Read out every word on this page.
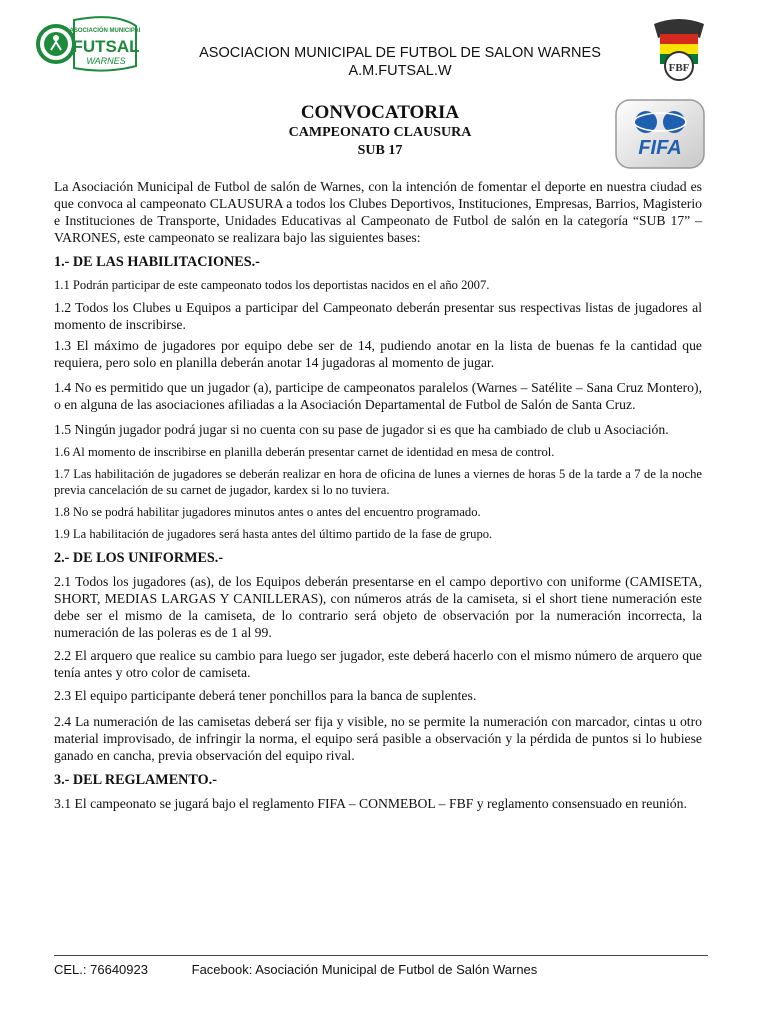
ASOCIACIÓN MUNICIPAL
FUTSAL
WARNES
FBF
ASOCIACION MUNICIPAL DE FUTBOL DE SALON WARNES
A.M.FUTSAL.W
CONVOCATORIA
CAMPEONATO CLAUSURA
SUB 17	FIFA

La Asociación Municipal de Futbol de salón de Warnes, con la intención de fomentar el deporte en nuestra ciudad es que convoca al campeonato CLAUSURA a todos los Clubes Deportivos, Instituciones, Empresas, Barrios, Magisterio e Instituciones de Transporte, Unidades Educativas al Campeonato de Futbol de salón en la categoría “SUB 17” – VARONES, este campeonato se realizara bajo las siguientes bases:

1.- DE LAS HABILITACIONES.-

1.1 Podrán participar de este campeonato todos los deportistas nacidos en el año 2007.

1.2 Todos los Clubes u Equipos a participar del Campeonato deberán presentar sus respectivas listas de jugadores al momento de inscribirse.

1.3 El máximo de jugadores por equipo debe ser de 14, pudiendo anotar en la lista de buenas fe la cantidad que requiera, pero solo en planilla deberán anotar 14 jugadoras al momento de jugar.

1.4 No es permitido que un jugador (a), participe de campeonatos paralelos (Warnes – Satélite – Sana Cruz Montero), o en alguna de las asociaciones afiliadas a la Asociación Departamental de Futbol de Salón de Santa Cruz.

1.5 Ningún jugador podrá jugar si no cuenta con su pase de jugador si es que ha cambiado de club u Asociación.

1.6 Al momento de inscribirse en planilla deberán presentar carnet de identidad en mesa de control.

1.7 Las habilitación de jugadores se deberán realizar en hora de oficina de lunes a viernes de horas 5 de la tarde a 7 de la noche previa cancelación de su carnet de jugador, kardex si lo no tuviera.

1.8 No se podrá habilitar jugadores minutos antes o antes del encuentro programado.

1.9 La habilitación de jugadores será hasta antes del último partido de la fase de grupo.

2.- DE LOS UNIFORMES.-

2.1 Todos los jugadores (as), de los Equipos deberán presentarse en el campo deportivo con uniforme (CAMISETA, SHORT, MEDIAS LARGAS Y CANILLERAS), con números atrás de la camiseta, si el short tiene numeración este debe ser el mismo de la camiseta, de lo contrario será objeto de observación por la numeración incorrecta, la numeración de las poleras es de 1 al 99.

2.2 El arquero que realice su cambio para luego ser jugador, este deberá hacerlo con el mismo número de arquero que tenía antes y otro color de camiseta.

2.3 El equipo participante deberá tener ponchillos para la banca de suplentes.

2.4 La numeración de las camisetas deberá ser fija y visible, no se permite la numeración con marcador, cintas u otro material improvisado, de infringir la norma, el equipo será pasible a observación y la pérdida de puntos si lo hubiese ganado en cancha, previa observación del equipo rival.

3.- DEL REGLAMENTO.-

3.1 El campeonato se jugará bajo el reglamento FIFA – CONMEBOL – FBF y reglamento consensuado en reunión.

CEL.: 76640923	Facebook: Asociación Municipal de Futbol de Salón Warnes
